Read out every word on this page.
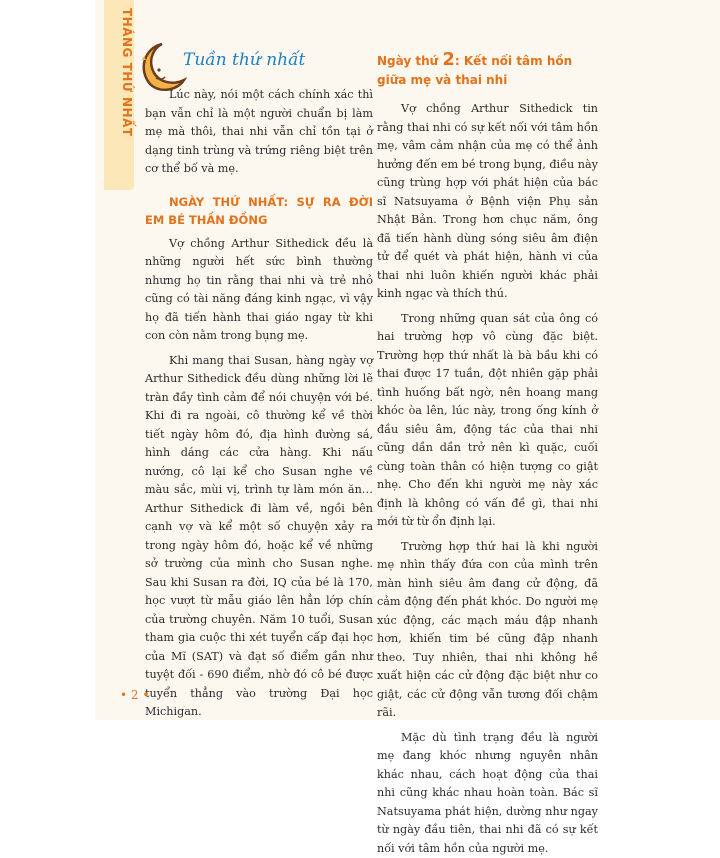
THÁNG THỨ NHẤT	Tuần thứ nhất

Lúc này, nói một cách chính xác thì bạn vẫn chỉ là một người chuẩn bị làm mẹ mà thôi, thai nhi vẫn chỉ tồn tại ở dạng tinh trùng và trứng riêng biệt trên cơ thể bố và mẹ.

NGÀY THỨ NHẤT: SỰ RA ĐỜI EM BÉ THẦN ĐỒNG

Vợ chồng Arthur Sithedick đều là những người hết sức bình thường nhưng họ tin rằng thai nhi và trẻ nhỏ cũng có tài năng đáng kinh ngạc, vì vậy họ đã tiến hành thai giáo ngay từ khi con còn nằm trong bụng mẹ.

Khi mang thai Susan, hàng ngày vợ Arthur Sithedick đều dùng những lời lẽ tràn đầy tình cảm để nói chuyện với bé. Khi đi ra ngoài, cô thường kể về thời tiết ngày hôm đó, địa hình đường sá, hình dáng các cửa hàng. Khi nấu nướng, cô lại kể cho Susan nghe về màu sắc, mùi vị, trình tự làm món ăn… Arthur Sithedick đi làm về, ngồi bên cạnh vợ và kể một số chuyện xảy ra trong ngày hôm đó, hoặc kể về những sở trường của mình cho Susan nghe. Sau khi Susan ra đời, IQ của bé là 170, học vượt từ mẫu giáo lên hẳn lớp chín của trường chuyên. Năm 10 tuổi, Susan tham gia cuộc thi xét tuyển cấp đại học của Mĩ (SAT) và đạt số điểm gần như tuyệt đối - 690 điểm, nhờ đó cô bé được tuyển thẳng vào trường Đại học Michigan.

Ngày thứ 2: Kết nối tâm hồn giữa mẹ và thai nhi

Vợ chồng Arthur Sithedick tin rằng thai nhi có sự kết nối với tâm hồn mẹ, vâm cảm nhận của mẹ có thể ảnh hưởng đến em bé trong bụng, điều này cũng trùng hợp với phát hiện của bác sĩ Natsuyama ở Bệnh viện Phụ sản Nhật Bản. Trong hơn chục năm, ông đã tiến hành dùng sóng siêu âm điện tử để quét và phát hiện, hành vi của thai nhi luôn khiến người khác phải kinh ngạc và thích thú.

Trong những quan sát của ông có hai trường hợp vô cùng đặc biệt. Trường hợp thứ nhất là bà bầu khi có thai được 17 tuần, đột nhiên gặp phải tình huống bất ngờ, nên hoang mang khóc òa lên, lúc này, trong ống kính ở đầu siêu âm, động tác của thai nhi cũng dần dần trở nên kì quặc, cuối cùng toàn thân có hiện tượng co giật nhẹ. Cho đến khi người mẹ này xác định là không có vấn đề gì, thai nhi mới từ từ ổn định lại.

Trường hợp thứ hai là khi người mẹ nhìn thấy đứa con của mình trên màn hình siêu âm đang cử động, đã cảm động đến phát khóc. Do người mẹ xúc động, các mạch máu đập nhanh hơn, khiến tim bé cũng đập nhanh theo. Tuy nhiên, thai nhi không hề xuất hiện các cử động đặc biệt như co giật, các cử động vẫn tương đối chậm rãi.

Mặc dù tình trạng đều là người mẹ đang khóc nhưng nguyên nhân khác nhau, cách hoạt động của thai nhi cũng khác nhau hoàn toàn. Bác sĩ Natsuyama phát hiện, dường như ngay từ ngày đầu tiên, thai nhi đã có sự kết nối với tâm hồn của người mẹ.

• 2 •
